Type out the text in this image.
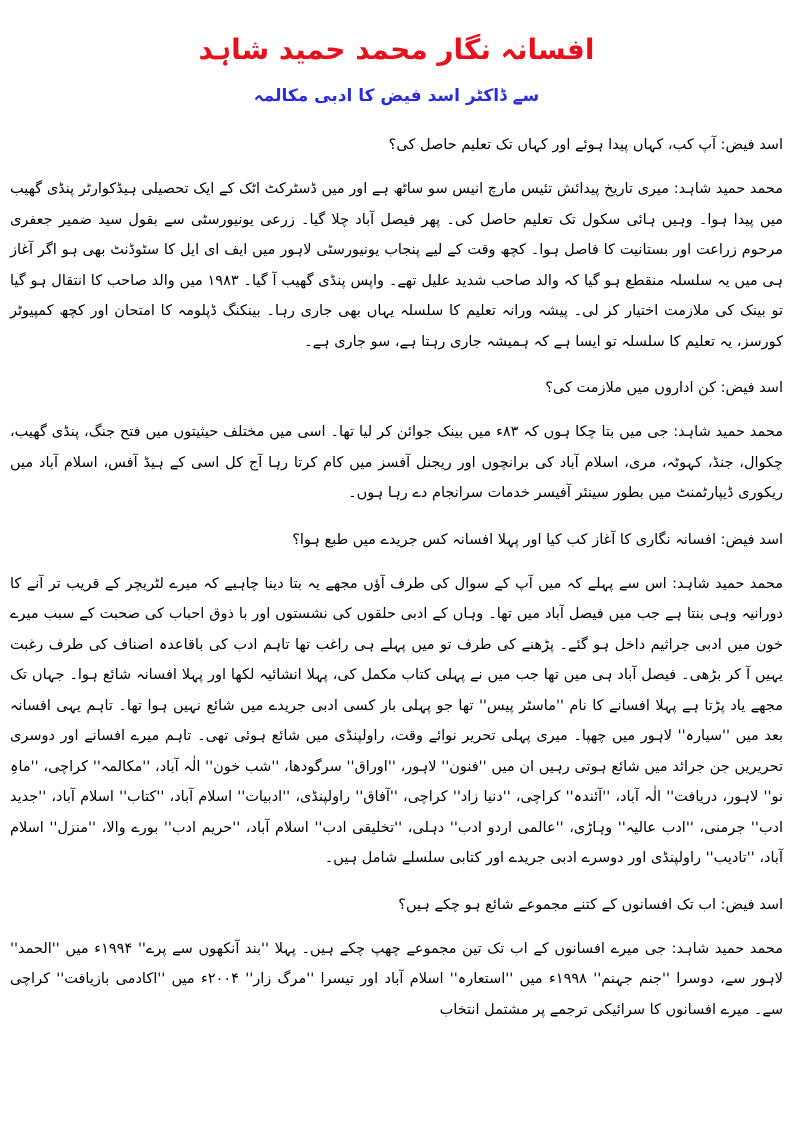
افسانہ نگار محمد حمید شاہد
سے ڈاکٹر اسد فیض کا ادبی مکالمہ

اسد فیض: آپ کب، کہاں پیدا ہوئے اور کہاں تک تعلیم حاصل کی؟

محمد حمید شاہد: میری تاریخ پیدائش تئیس مارچ انیس سو ساٹھ ہے اور میں ڈسٹرکٹ اٹک کے ایک تحصیلی ہیڈکوارٹر پنڈی گھیب میں پیدا ہوا۔ وہیں ہائی سکول تک تعلیم حاصل کی۔ پھر فیصل آباد چلا گیا۔ زرعی یونیورسٹی سے بقول سید ضمیر جعفری مرحوم زراعت اور بستانیت کا فاصل ہوا۔ کچھ وقت کے لیے پنجاب یونیورسٹی لاہور میں ایف ای ایل کا سٹوڈنٹ بھی ہو اگر آغاز ہی میں یہ سلسلہ منقطع ہو گیا کہ والد صاحب شدید علیل تھے۔ واپس پنڈی گھیب آ گیا۔ ۱۹۸۳ میں والد صاحب کا انتقال ہو گیا تو بینک کی ملازمت اختیار کر لی۔ پیشہ ورانہ تعلیم کا سلسلہ یہاں بھی جاری رہا۔ بینکنگ ڈپلومہ کا امتحان اور کچھ کمپیوٹر کورسز، یہ تعلیم کا سلسلہ تو ایسا ہے کہ ہمیشہ جاری رہتا ہے، سو جاری ہے۔

اسد فیض: کن اداروں میں ملازمت کی؟

محمد حمید شاہد: جی میں بتا چکا ہوں کہ ۸۳ء میں بینک جوائن کر لیا تھا۔ اسی میں مختلف حیثیتوں میں فتح جنگ، پنڈی گھیب، چکوال، جنڈ، کہوٹہ، مری، اسلام آباد کی برانچوں اور ریجنل آفسز میں کام کرتا رہا آج کل اسی کے ہیڈ آفس، اسلام آباد میں ریکوری ڈیپارٹمنٹ میں بطور سینئر آفیسر خدمات سرانجام دے رہا ہوں۔

اسد فیض: افسانہ نگاری کا آغاز کب کیا اور پہلا افسانہ کس جریدے میں طبع ہوا؟

محمد حمید شاہد: اس سے پہلے کہ میں آپ کے سوال کی طرف آؤں مجھے یہ بتا دینا چاہیے کہ میرے لٹریچر کے قریب تر آنے کا دورانیہ وہی بنتا ہے جب میں فیصل آباد میں تھا۔ وہاں کے ادبی حلقوں کی نشستوں اور با ذوق احباب کی صحبت کے سبب میرے خون میں ادبی جراثیم داخل ہو گئے۔ پڑھنے کی طرف تو میں پہلے ہی راغب تھا تاہم ادب کی باقاعدہ اصناف کی طرف رغبت یہیں آ کر بڑھی۔ فیصل آباد ہی میں تھا جب میں نے پہلی کتاب مکمل کی، پہلا انشائیہ لکھا اور پہلا افسانہ شائع ہوا۔ جہاں تک مجھے یاد پڑتا ہے پہلا افسانے کا نام ''ماسٹر پیس'' تھا جو پہلی بار کسی ادبی جریدے میں شائع نہیں ہوا تھا۔ تاہم یہی افسانہ بعد میں ''سیارہ'' لاہور میں چھپا۔ میری پہلی تحریر نوائے وقت، راولپنڈی میں شائع ہوئی تھی۔ تاہم میرے افسانے اور دوسری تحریریں جن جرائد میں شائع ہوتی رہیں ان میں ''فنون'' لاہور، ''اوراق'' سرگودھا، ''شب خون'' الٰہ آباد، ''مکالمہ'' کراچی، ''ماہِ نو'' لاہور، دریافت'' الٰہ آباد، ''آئندہ'' کراچی، ''دنیا زاد'' کراچی، ''آفاق'' راولپنڈی، ''ادبیات'' اسلام آباد، ''کتاب'' اسلام آباد، ''جدید ادب'' جرمنی، ''ادب عالیہ'' وہاڑی، ''عالمی اردو ادب'' دہلی، ''تخلیقی ادب'' اسلام آباد، ''حریم ادب'' بورے والا، ''منزل'' اسلام آباد، ''تادیب'' راولپنڈی اور دوسرے ادبی جریدے اور کتابی سلسلے شامل ہیں۔

اسد فیض: اب تک افسانوں کے کتنے مجموعے شائع ہو چکے ہیں؟

محمد حمید شاہد: جی میرے افسانوں کے اب تک تین مجموعے چھپ چکے ہیں۔ پہلا ''بند آنکھوں سے پرے'' ۱۹۹۴ء میں ''الحمد'' لاہور سے، دوسرا ''جنم جہنم'' ۱۹۹۸ء میں ''استعارہ'' اسلام آباد اور تیسرا ''مرگ زار'' ۲۰۰۴ء میں ''اکادمی بازیافت'' کراچی سے۔ میرے افسانوں کا سرائیکی ترجمے پر مشتمل انتخاب
